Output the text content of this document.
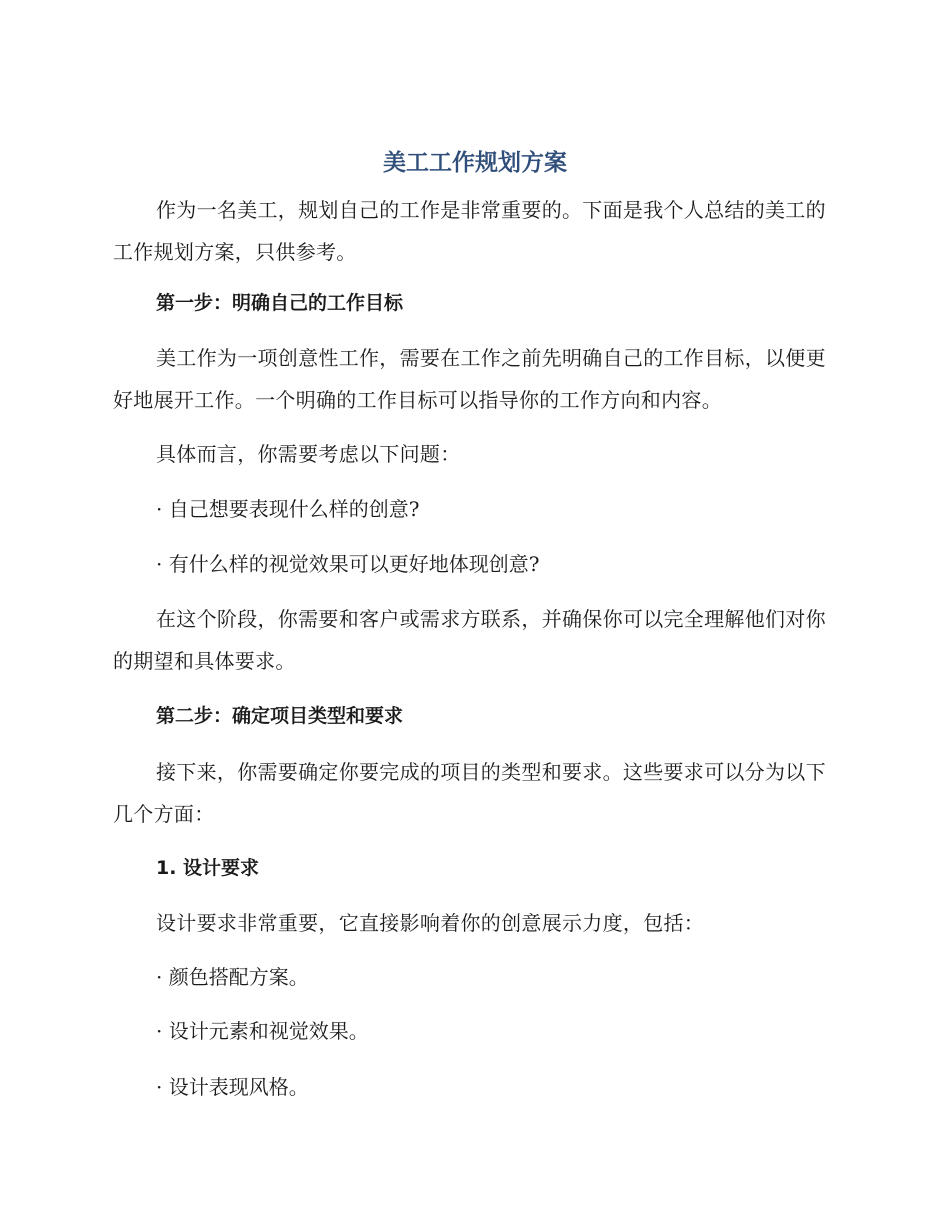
美工工作规划方案

作为一名美工，规划自己的工作是非常重要的。下面是我个人总结的美工的工作规划方案，只供参考。

第一步：明确自己的工作目标

美工作为一项创意性工作，需要在工作之前先明确自己的工作目标，以便更好地展开工作。一个明确的工作目标可以指导你的工作方向和内容。

具体而言，你需要考虑以下问题：

· 自己想要表现什么样的创意?

· 有什么样的视觉效果可以更好地体现创意?

在这个阶段，你需要和客户或需求方联系，并确保你可以完全理解他们对你的期望和具体要求。

第二步：确定项目类型和要求

接下来，你需要确定你要完成的项目的类型和要求。这些要求可以分为以下几个方面：

1. 设计要求

设计要求非常重要，它直接影响着你的创意展示力度，包括：

· 颜色搭配方案。

· 设计元素和视觉效果。

· 设计表现风格。
